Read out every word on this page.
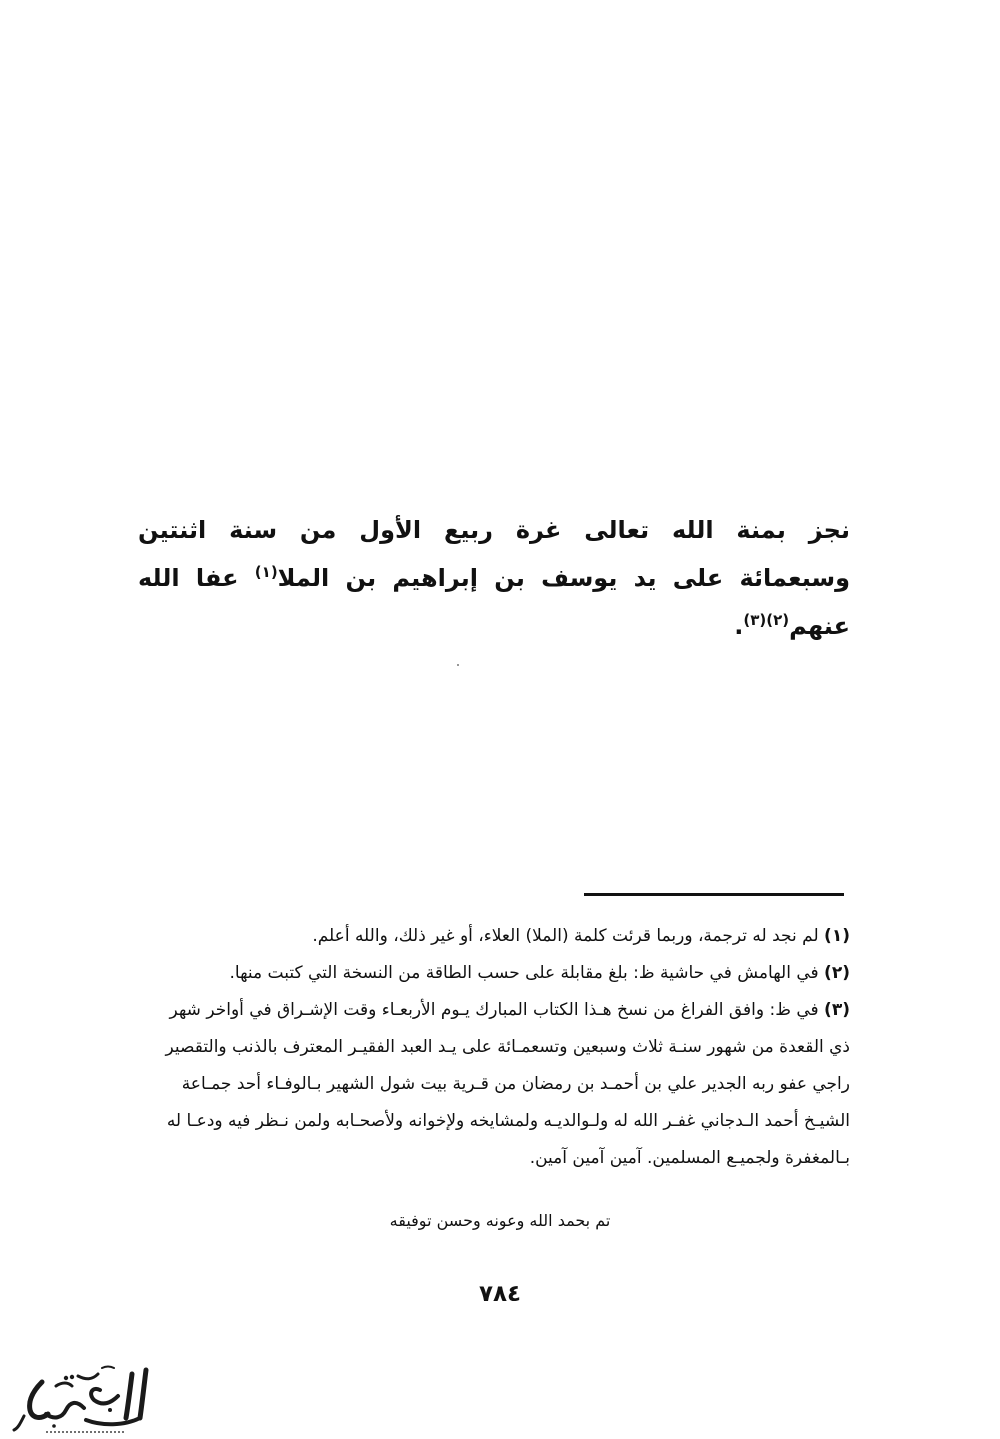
نجز بمنة الله تعالى غرة ربيع الأول من سنة اثنتين وسبعمائة على يد يوسف بن إبراهيم بن الملا$^{(١)}$ عفا الله عنهم$^{(٢)(٣)}$.

(١) لم نجد له ترجمة، وربما قرئت كلمة (الملا) العلاء، أو غير ذلك، والله أعلم.

(٢) في الهامش في حاشية ظ: بلغ مقابلة على حسب الطاقة من النسخة التي كتبت منها.

(٣) في ظ: وافق الفراغ من نسخ هـذا الكتاب المبارك يـوم الأربعـاء وقت الإشـراق في أواخر شهر ذي القعدة من شهور سنـة ثلاث وسبعين وتسعمـائة على يـد العبد الفقيـر المعترف بالذنب والتقصير راجي عفو ربه الجدير علي بن أحمـد بن رمضان من قـرية بيت شول الشهير بـالوفـاء أحد جمـاعة الشيـخ أحمد الـدجاني غفـر الله له ولـوالديـه ولمشايخه ولإخوانه ولأصحـابه ولمن نـظر فيه ودعـا له بـالمغفرة ولجميـع المسلمين. آمين آمين آمين.

تم بحمد الله وعونه وحسن توفيقه
٧٨٤
